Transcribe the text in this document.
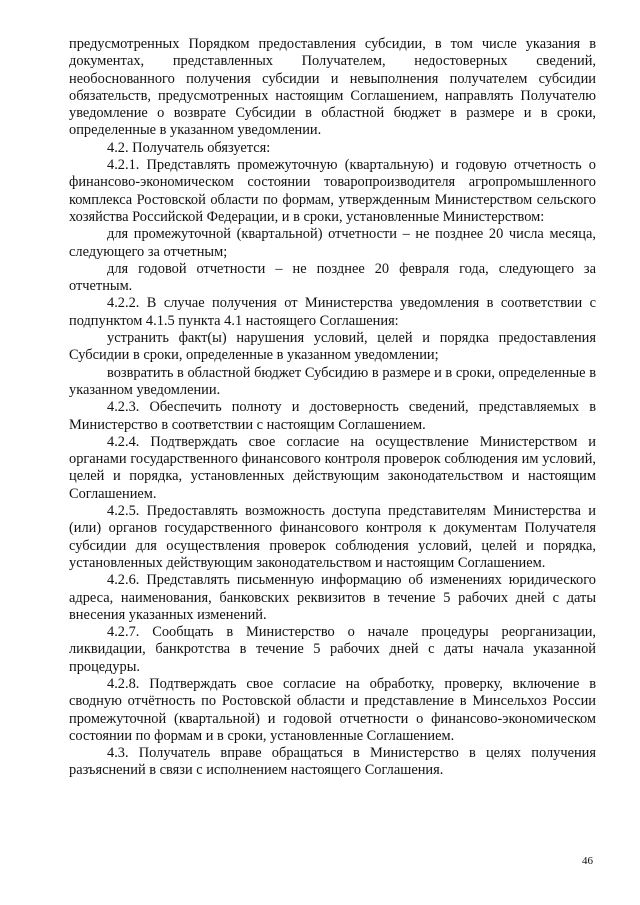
предусмотренных Порядком предоставления субсидии, в том числе указания в документах, представленных Получателем, недостоверных сведений, необоснованного получения субсидии и невыполнения получателем субсидии обязательств, предусмотренных настоящим Соглашением, направлять Получателю уведомление о возврате Субсидии в областной бюджет в размере и в сроки, определенные в указанном уведомлении.

4.2. Получатель обязуется:

4.2.1. Представлять промежуточную (квартальную) и годовую отчетность о финансово-экономическом состоянии товаропроизводителя агропромышленного комплекса Ростовской области по формам, утвержденным Министерством сельского хозяйства Российской Федерации, и в сроки, установленные Министерством:

для промежуточной (квартальной) отчетности – не позднее 20 числа месяца, следующего за отчетным;

для годовой отчетности – не позднее 20 февраля года, следующего за отчетным.

4.2.2. В случае получения от Министерства уведомления в соответствии с подпунктом 4.1.5 пункта 4.1 настоящего Соглашения:

устранить факт(ы) нарушения условий, целей и порядка предоставления Субсидии в сроки, определенные в указанном уведомлении;

возвратить в областной бюджет Субсидию в размере и в сроки, определенные в указанном уведомлении.

4.2.3. Обеспечить полноту и достоверность сведений, представляемых в Министерство в соответствии с настоящим Соглашением.

4.2.4. Подтверждать свое согласие на осуществление Министерством и органами государственного финансового контроля проверок соблюдения им условий, целей и порядка, установленных действующим законодательством и настоящим Соглашением.

4.2.5. Предоставлять возможность доступа представителям Министерства и (или) органов государственного финансового контроля к документам Получателя субсидии для осуществления проверок соблюдения условий, целей и порядка, установленных действующим законодательством и настоящим Соглашением.

4.2.6. Представлять письменную информацию об изменениях юридического адреса, наименования, банковских реквизитов в течение 5 рабочих дней с даты внесения указанных изменений.

4.2.7. Сообщать в Министерство о начале процедуры реорганизации, ликвидации, банкротства в течение 5 рабочих дней с даты начала указанной процедуры.

4.2.8. Подтверждать свое согласие на обработку, проверку, включение в сводную отчётность по Ростовской области и представление в Минсельхоз России промежуточной (квартальной) и годовой отчетности о финансово-экономическом состоянии по формам и в сроки, установленные Соглашением.

4.3. Получатель вправе обращаться в Министерство в целях получения разъяснений в связи с исполнением настоящего Соглашения.

46
